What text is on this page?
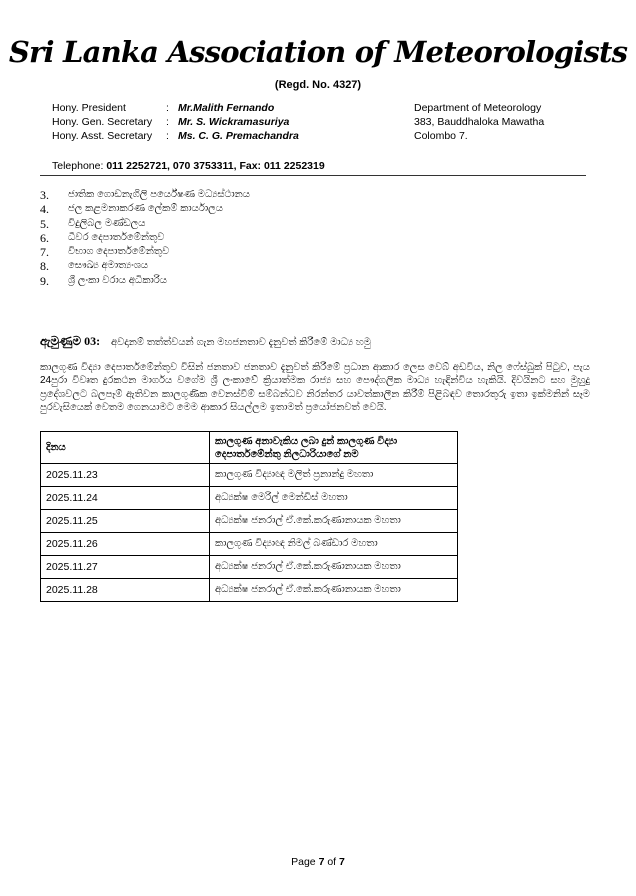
Sri Lanka Association of Meteorologists
(Regd. No. 4327)
Hony. President	: Mr.Malith Fernando
Hony. Gen. Secretary	: Mr. S. Wickramasuriya
Hony. Asst. Secretary	: Ms. C. G. Premachandra
Department of Meteorology
383, Bauddhaloka Mawatha
Colombo 7.
Telephone: 011 2252721, 070 3753311, Fax: 011 2252319
3.	ජාතික ගොඩනැගිලි පර්යේෂණ මධ්‍යස්ථානය
4.	ජල කළමනාකරණ ලේකම් කාර්යාලය
5.	විදුලිබල මණ්ඩලය
6.	ධීවර දෙපාර්තමේන්තුව
7.	විභාග දෙපාර්තමේන්තුව
8.	සෞඛ්‍ය අමාත්‍යංශය
9.	ශ්‍රී ලංකා වරාය අධිකාරිය
ඇමුණුම 03: අවදානම් තත්ත්වයන් ගැන මහජනතාව දැනුවත් කිරීමේ මාධ්‍ය හමු
කාලගුණ විද්‍යා දෙපාර්තමේන්තුව විසින් ජනතාව ජනතාව දැනුවත් කිරීමේ ප්‍රධාන ආකාර ලෙස වෙබ් අඩවිය, නිල ෆේස්බුක් පිටුව, පැය 24පුරා විවෘත දුරකථන මාර්ගය වගේම ශ්‍රී ලංකාවේ ක්‍රියාත්මක රාජ්‍ය සහ පෞද්ගලික මාධ්‍ය හැඳින්විය හැකියි. දිවයිනට සහ මුහුදු ප්‍රදේශවලට බලපෑම් ඇතිවන කාලගුණික වෙනස්වීම් සම්බන්ධව නිරන්තර යාවත්කාලීන කිරීම් පිළිබඳව තොරතුරු ඉතා ඉක්මනින් සෑම පුරවැසියෙක් වෙතම ගෙනයාමට මෙම ආකාර සියල්ලම ඉතාමත් ප්‍රයෝජනවත් වෙයි.
දිනය	කාලගුණ අනාවැකිය ලබා දුන් කාලගුණ විද්‍යා දෙපාර්තමේන්තු නිලධාරියාගේ නම
2025.11.23	කාලගුණ විද්‍යාඥ මලිත් ප්‍රනාන්දු මහතා
2025.11.24	අධ්‍යක්ෂ මෙරිල් මෙන්ඩිස් මහතා
2025.11.25	අධ්‍යක්ෂ ජනරාල් ඒ.කේ.කරුණානායක මහතා
2025.11.26	කාලගුණ විද්‍යාඥ නිමල් බණ්ඩාර මහතා
2025.11.27	අධ්‍යක්ෂ ජනරාල් ඒ.කේ.කරුණානායක මහතා
2025.11.28	අධ්‍යක්ෂ ජනරාල් ඒ.කේ.කරුණානායක මහතා
Page 7 of 7
